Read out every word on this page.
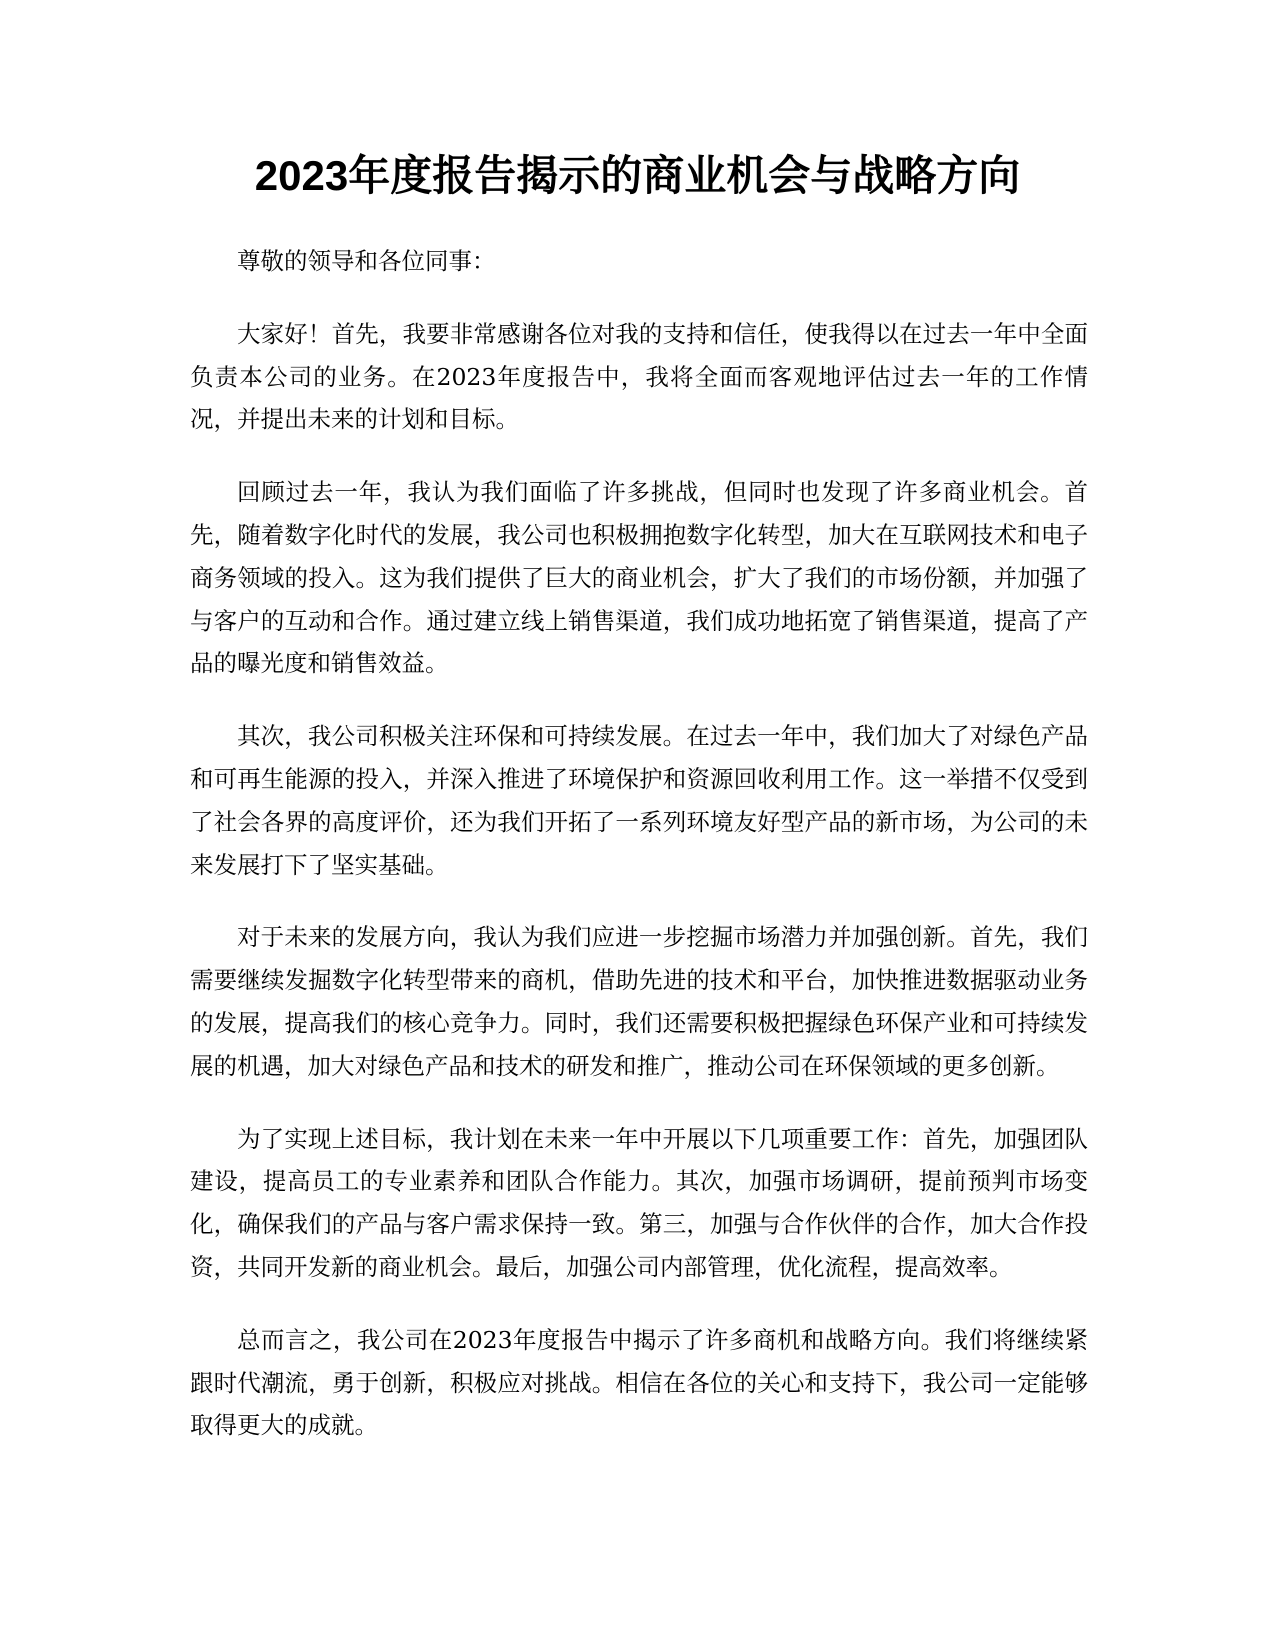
2023年度报告揭示的商业机会与战略方向

尊敬的领导和各位同事：

大家好！首先，我要非常感谢各位对我的支持和信任，使我得以在过去一年中全面负责本公司的业务。在2023年度报告中，我将全面而客观地评估过去一年的工作情况，并提出未来的计划和目标。

回顾过去一年，我认为我们面临了许多挑战，但同时也发现了许多商业机会。首先，随着数字化时代的发展，我公司也积极拥抱数字化转型，加大在互联网技术和电子商务领域的投入。这为我们提供了巨大的商业机会，扩大了我们的市场份额，并加强了与客户的互动和合作。通过建立线上销售渠道，我们成功地拓宽了销售渠道，提高了产品的曝光度和销售效益。

其次，我公司积极关注环保和可持续发展。在过去一年中，我们加大了对绿色产品和可再生能源的投入，并深入推进了环境保护和资源回收利用工作。这一举措不仅受到了社会各界的高度评价，还为我们开拓了一系列环境友好型产品的新市场，为公司的未来发展打下了坚实基础。

对于未来的发展方向，我认为我们应进一步挖掘市场潜力并加强创新。首先，我们需要继续发掘数字化转型带来的商机，借助先进的技术和平台，加快推进数据驱动业务的发展，提高我们的核心竞争力。同时，我们还需要积极把握绿色环保产业和可持续发展的机遇，加大对绿色产品和技术的研发和推广，推动公司在环保领域的更多创新。

为了实现上述目标，我计划在未来一年中开展以下几项重要工作：首先，加强团队建设，提高员工的专业素养和团队合作能力。其次，加强市场调研，提前预判市场变化，确保我们的产品与客户需求保持一致。第三，加强与合作伙伴的合作，加大合作投资，共同开发新的商业机会。最后，加强公司内部管理，优化流程，提高效率。

总而言之，我公司在2023年度报告中揭示了许多商机和战略方向。我们将继续紧跟时代潮流，勇于创新，积极应对挑战。相信在各位的关心和支持下，我公司一定能够取得更大的成就。
